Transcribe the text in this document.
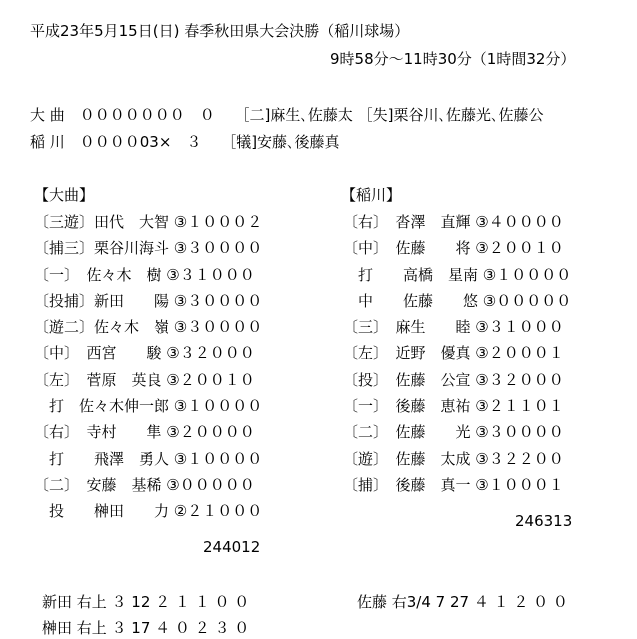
平成23年5月15日(日) 春季秋田県大会決勝（稲川球場）
9時58分～11時30分（1時間32分）
大 曲　０００００００　０　 ［二]麻生､佐藤太 ［失]栗谷川､佐藤光､佐藤公
稲 川　００００03×　３　 ［犠]安藤､後藤真
【大曲】
〔三遊〕田代　大智 ③１０００２
〔捕三〕栗谷川海斗 ③３００００
〔一〕　佐々木　樹 ③３１０００
〔投捕〕新田　　陽 ③３００００
〔遊二〕佐々木　嶺 ③３００００
〔中〕　西宮　　駿 ③３２０００
〔左〕　菅原　英良 ③２００１０
　打　佐々木伸一郎 ③１００００
〔右〕　寺村　　隼 ③２００００
　打　　飛澤　勇人 ③１００００
〔二〕　安藤　基稀 ③０００００
　投　　榊田　　力 ②２１０００
244012
【稲川】
〔右〕　沓澤　直輝 ③４００００
〔中〕　佐藤　　将 ③２００１０
　打　　高橋　星南 ③１００００
　中　　佐藤　　悠 ③０００００
〔三〕　麻生　　睦 ③３１０００
〔左〕　近野　優真 ③２０００１
〔投〕　佐藤　公宣 ③３２０００
〔一〕　後藤　恵祐 ③２１１０１
〔二〕　佐藤　　光 ③３００００
〔遊〕　佐藤　太成 ③３２２００
〔捕〕　後藤　真一 ③１０００１
246313
新田 右上 ３ 12 ２ １ １ ０ ０
榊田 右上 ３ 17 ４ ０ ２ ３ ０
佐藤 右3/4 7 27 ４ １ ２ ０ ０
